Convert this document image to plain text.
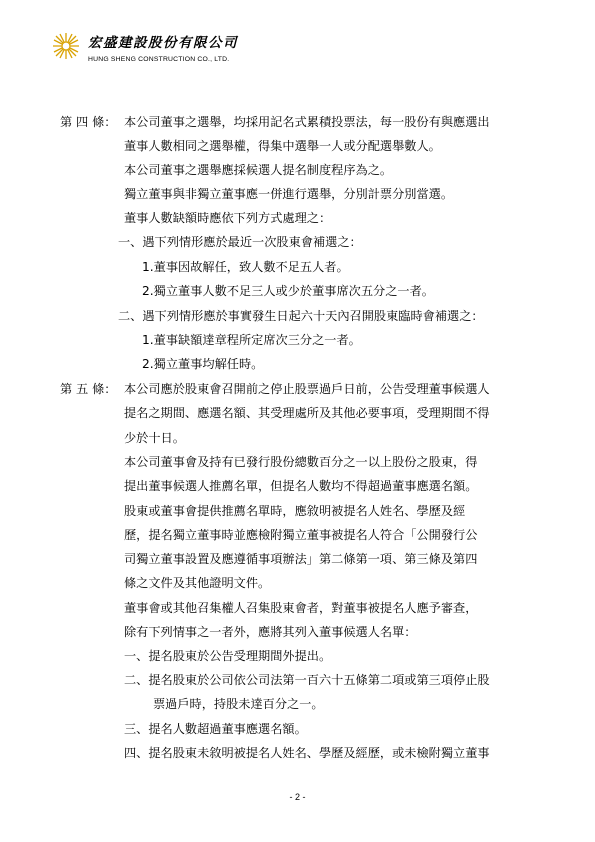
宏盛建設股份有限公司
HUNG SHENG CONSTRUCTION CO., LTD.
第 四 條： 本公司董事之選舉，均採用記名式累積投票法，每一股份有與應選出
董事人數相同之選舉權，得集中選舉一人或分配選舉數人。
本公司董事之選舉應採候選人提名制度程序為之。
獨立董事與非獨立董事應一併進行選舉，分別計票分別當選。
董事人數缺額時應依下列方式處理之：
一、遇下列情形應於最近一次股東會補選之：
1.董事因故解任，致人數不足五人者。
2.獨立董事人數不足三人或少於董事席次五分之一者。
二、遇下列情形應於事實發生日起六十天內召開股東臨時會補選之：
1.董事缺額達章程所定席次三分之一者。
2.獨立董事均解任時。
第 五 條： 本公司應於股東會召開前之停止股票過戶日前，公告受理董事候選人
提名之期間、應選名額、其受理處所及其他必要事項，受理期間不得
少於十日。
本公司董事會及持有已發行股份總數百分之一以上股份之股東，得
提出董事候選人推薦名單，但提名人數均不得超過董事應選名額。
股東或董事會提供推薦名單時，應敘明被提名人姓名、學歷及經
歷，提名獨立董事時並應檢附獨立董事被提名人符合「公開發行公
司獨立董事設置及應遵循事項辦法」第二條第一項、第三條及第四
條之文件及其他證明文件。
董事會或其他召集權人召集股東會者，對董事被提名人應予審查，
除有下列情事之一者外，應將其列入董事候選人名單：
一、提名股東於公告受理期間外提出。
二、提名股東於公司依公司法第一百六十五條第二項或第三項停止股
票過戶時，持股未達百分之一。
三、提名人數超過董事應選名額。
四、提名股東未敘明被提名人姓名、學歷及經歷，或未檢附獨立董事
- 2 -
